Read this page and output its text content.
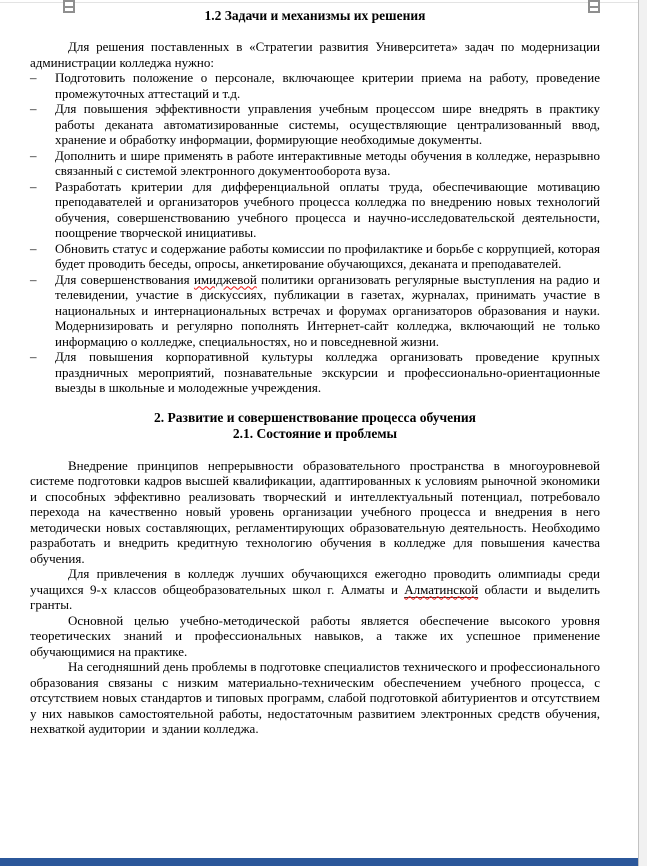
1.2 Задачи и механизмы их решения

Для решения поставленных в «Стратегии развития Университета» задач по модернизации администрации колледжа нужно:

–	Подготовить положение о персонале, включающее критерии приема на работу, проведение промежуточных аттестаций и т.д.
–	Для повышения эффективности управления учебным процессом шире внедрять в практику работы деканата автоматизированные системы, осуществляющие централизованный ввод, хранение и обработку информации, формирующие необходимые документы.
–	Дополнить и шире применять в работе интерактивные методы обучения в колледже, неразрывно связанный с системой электронного документооборота вуза.
–	Разработать критерии для дифференциальной оплаты труда, обеспечивающие мотивацию преподавателей и организаторов учебного процесса колледжа по внедрению новых технологий обучения, совершенствованию учебного процесса и научно-исследовательской деятельности, поощрение творческой инициативы.
–	Обновить статус и содержание работы комиссии по профилактике и борьбе с коррупцией, которая будет проводить беседы, опросы, анкетирование обучающихся, деканата и преподавателей.
–	Для совершенствования имиджевой политики организовать регулярные выступления на радио и телевидении, участие в дискуссиях, публикации в газетах, журналах, принимать участие в национальных и интернациональных встречах и форумах организаторов образования и науки. Модернизировать и регулярно пополнять Интернет-сайт колледжа, включающий не только информацию о колледже, специальностях, но и повседневной жизни.
–	Для повышения корпоративной культуры колледжа организовать проведение крупных праздничных мероприятий, познавательные экскурсии и профессионально-ориентационные выезды в школьные и молодежные учреждения.
2. Развитие и совершенствование процесса обучения
2.1. Состояние и проблемы

Внедрение принципов непрерывности образовательного пространства в многоуровневой системе подготовки кадров высшей квалификации, адаптированных к условиям рыночной экономики и способных эффективно реализовать творческий и интеллектуальный потенциал, потребовало перехода на качественно новый уровень организации учебного процесса и внедрения в него методически новых составляющих, регламентирующих образовательную деятельность. Необходимо разработать и внедрить кредитную технологию обучения в колледже для повышения качества обучения.

Для привлечения в колледж лучших обучающихся ежегодно проводить олимпиады среди учащихся 9-х классов общеобразовательных школ г. Алматы и Алматинской области и выделить гранты.

Основной целью учебно-методической работы является обеспечение высокого уровня теоретических знаний и профессиональных навыков, а также их успешное применение обучающимися на практике.

На сегодняшний день проблемы в подготовке специалистов технического и профессионального образования связаны с низким материально-техническим обеспечением учебного процесса, с отсутствием новых стандартов и типовых программ, слабой подготовкой абитуриентов и отсутствием у них навыков самостоятельной работы, недостаточным развитием электронных средств обучения, нехваткой аудитории  и здании колледжа.
